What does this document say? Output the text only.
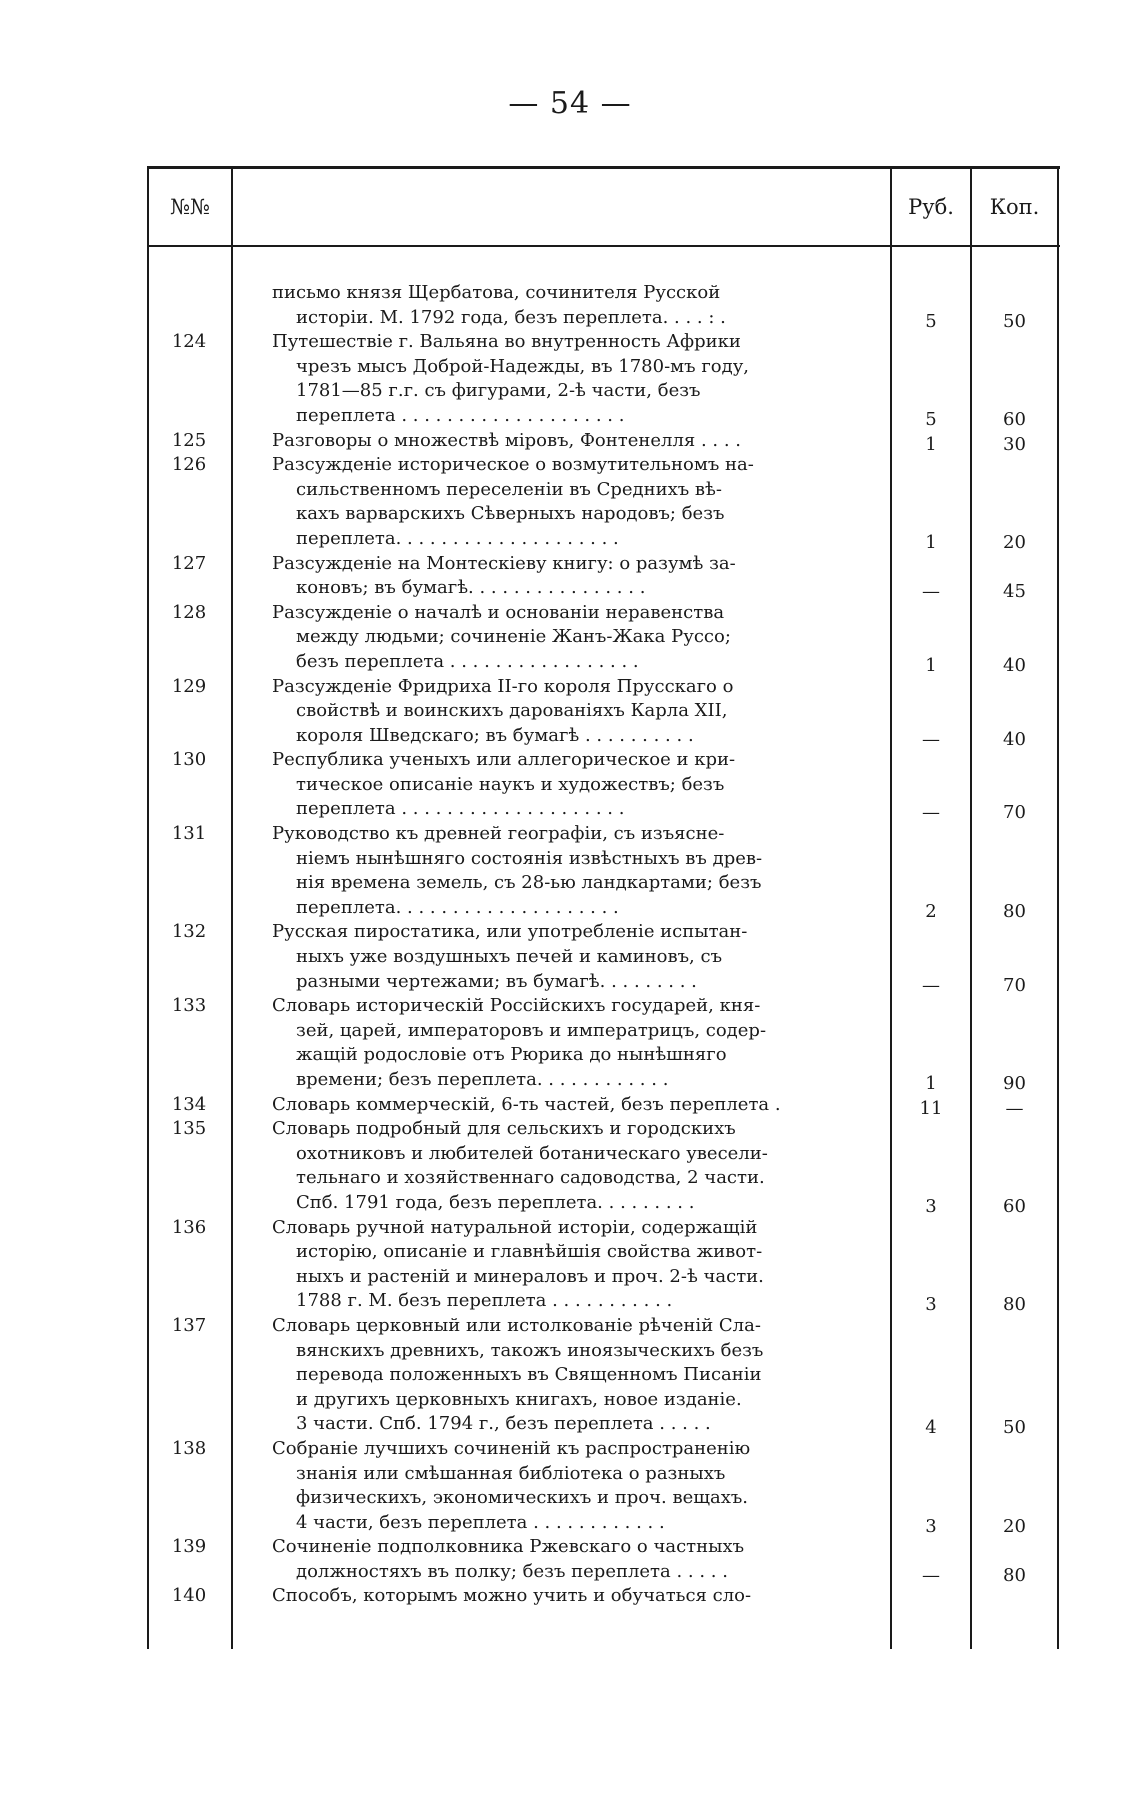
— 54 —
№№	Руб.	Коп.
письмо князя Щербатова, сочинителя Русской
исторiи. М. 1792 года, безъ переплета. . . . : .	5	50
124	Путешествiе г. Вальяна во внутренность Африки
чрезъ мысъ Доброй-Надежды, въ 1780-мъ году,
1781—85 г.г. съ фигурами, 2-ѣ части, безъ
переплета . . . . . . . . . . . . . . . . . . . .	5	60
125	Разговоры о множествѣ мiровъ, Фонтенелля . . . .	1	30
126	Разсужденiе историческое о возмутительномъ на-
сильственномъ переселенiи въ Среднихъ вѣ-
кахъ варварскихъ Сѣверныхъ народовъ; безъ
переплета. . . . . . . . . . . . . . . . . . . .	1	20
127	Разсужденiе на Монтескiеву книгу: о разумѣ за-
коновъ; въ бумагѣ. . . . . . . . . . . . . . . .	—	45
128	Разсужденiе о началѣ и основанiи неравенства
между людьми; сочиненiе Жанъ-Жака Руссо;
безъ переплета . . . . . . . . . . . . . . . . .	1	40
129	Разсужденiе Фридриха II-го короля Прусскаго о
свойствѣ и воинскихъ дарованiяхъ Карла XII,
короля Шведскаго; въ бумагѣ . . . . . . . . . .	—	40
130	Республика ученыхъ или аллегорическое и кри-
тическое описанiе наукъ и художествъ; безъ
переплета . . . . . . . . . . . . . . . . . . . .	—	70
131	Руководство къ древней географiи, съ изъясне-
нiемъ нынѣшняго состоянiя извѣстныхъ въ древ-
нiя времена земель, съ 28-ью ландкартами; безъ
переплета. . . . . . . . . . . . . . . . . . . .	2	80
132	Русская пиростатика, или употребленiе испытан-
ныхъ уже воздушныхъ печей и каминовъ, съ
разными чертежами; въ бумагѣ. . . . . . . . .	—	70
133	Словарь историческiй Россiйскихъ государей, кня-
зей, царей, императоровъ и императрицъ, содер-
жащiй родословiе отъ Рюрика до нынѣшняго
времени; безъ переплета. . . . . . . . . . . .	1	90
134	Словарь коммерческiй, 6-ть частей, безъ переплета .	11	—
135	Словарь подробный для сельскихъ и городскихъ
охотниковъ и любителей ботаническаго увесели-
тельнаго и хозяйственнаго садоводства, 2 части.
Спб. 1791 года, безъ переплета. . . . . . . . .	3	60
136	Словарь ручной натуральной исторiи, содержащiй
исторiю, описанiе и главнѣйшiя свойства живот-
ныхъ и растенiй и минераловъ и проч. 2-ѣ части.
1788 г. М. безъ переплета . . . . . . . . . . .	3	80
137	Словарь церковный или истолкованiе рѣченiй Сла-
вянскихъ древнихъ, такожъ иноязыческихъ безъ
перевода положенныхъ въ Священномъ Писанiи
и другихъ церковныхъ книгахъ, новое изданiе.
3 части. Спб. 1794 г., безъ переплета . . . . .	4	50
138	Собранiе лучшихъ сочиненiй къ распространенiю
знанiя или смѣшанная библiотека о разныхъ
физическихъ, экономическихъ и проч. вещахъ.
4 части, безъ переплета . . . . . . . . . . . .	3	20
139	Сочиненiе подполковника Ржевскаго о частныхъ
должностяхъ въ полку; безъ переплета . . . . .	—	80
140	Способъ, которымъ можно учить и обучаться сло-
